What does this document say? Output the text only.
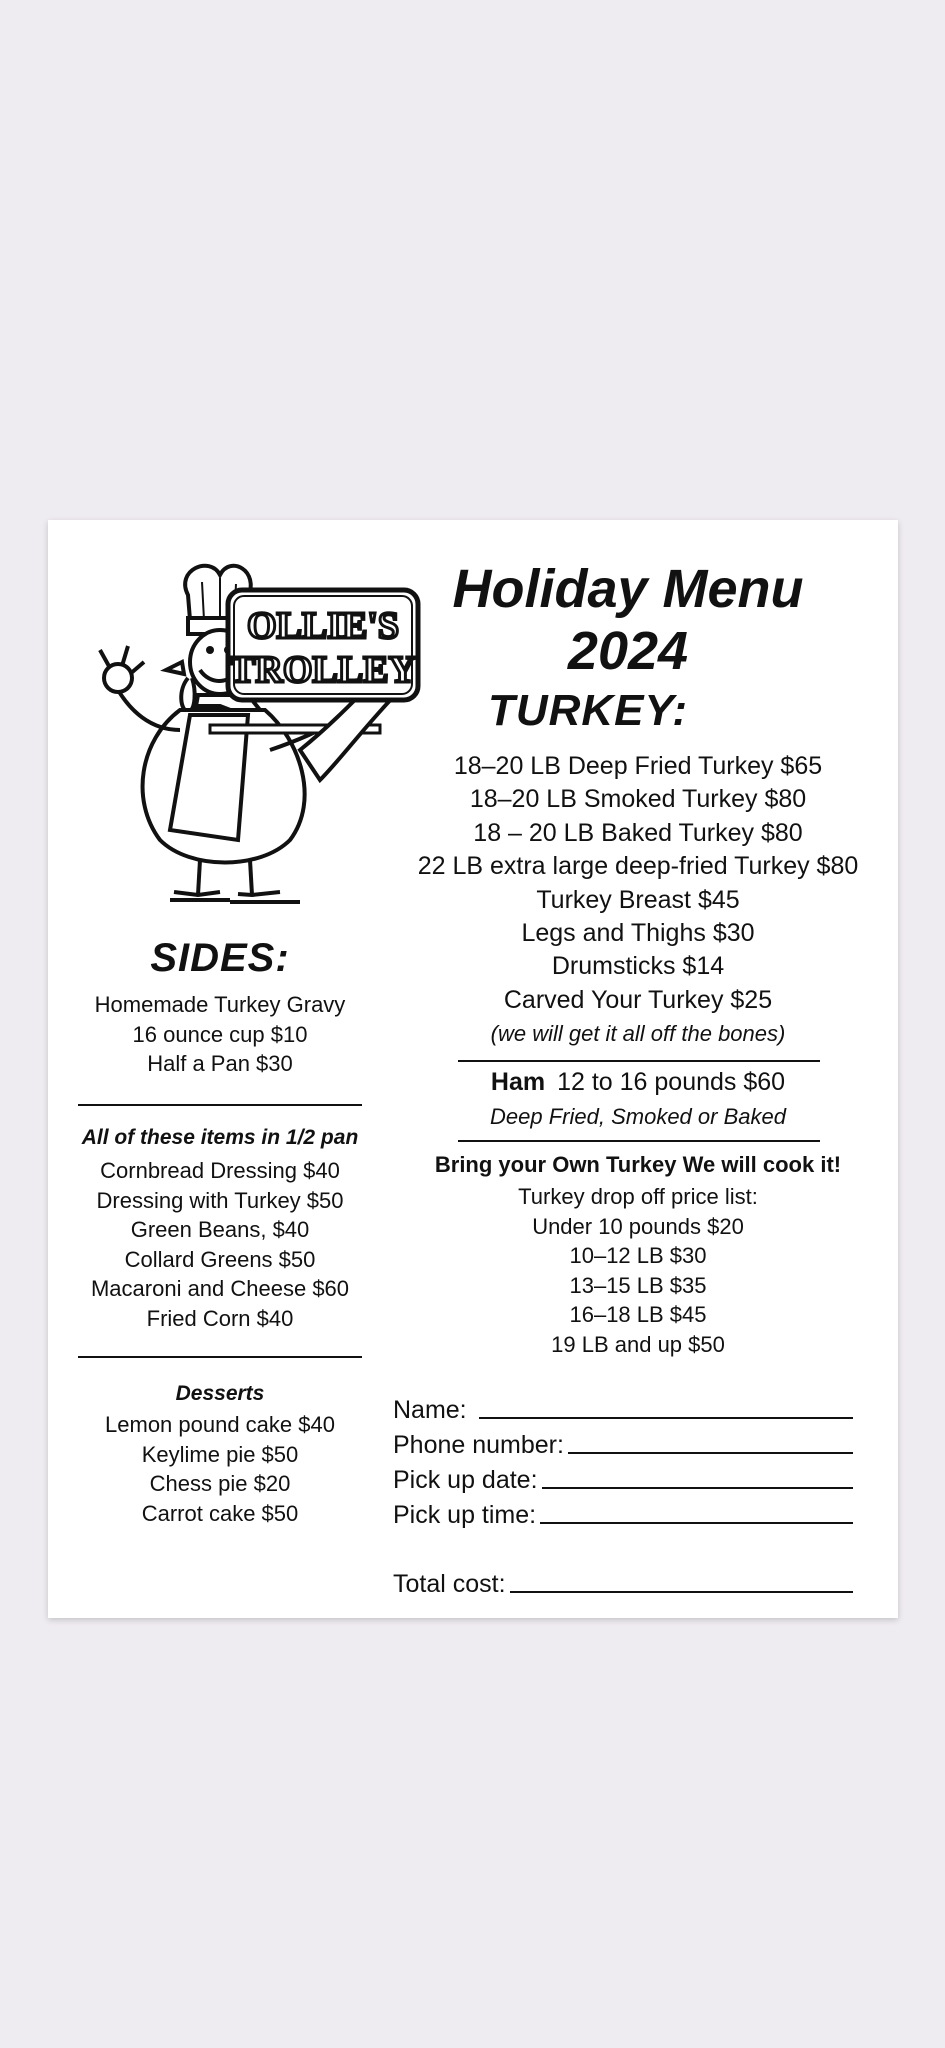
OLLIE'S
TROLLEY
Holiday Menu
2024
TURKEY:
18–20 LB Deep Fried Turkey $65
18–20 LB Smoked Turkey $80
18 – 20 LB Baked Turkey $80
22 LB extra large deep-fried Turkey $80
Turkey Breast $45
Legs and Thighs $30
Drumsticks $14
Carved Your Turkey $25
(we will get it all off the bones)
Ham 12 to 16 pounds $60
Deep Fried, Smoked or Baked
Bring your Own Turkey We will cook it!
Turkey drop off price list:
Under 10 pounds $20
10–12 LB $30
13–15 LB $35
16–18 LB $45
19 LB and up $50
SIDES:
Homemade Turkey Gravy
16 ounce cup $10
Half a Pan $30
All of these items in 1/2 pan
Cornbread Dressing $40
Dressing with Turkey $50
Green Beans, $40
Collard Greens $50
Macaroni and Cheese $60
Fried Corn $40
Desserts
Lemon pound cake $40
Keylime pie $50
Chess pie $20
Carrot cake $50
Name:
Phone number:
Pick up date:
Pick up time:
Total cost:
